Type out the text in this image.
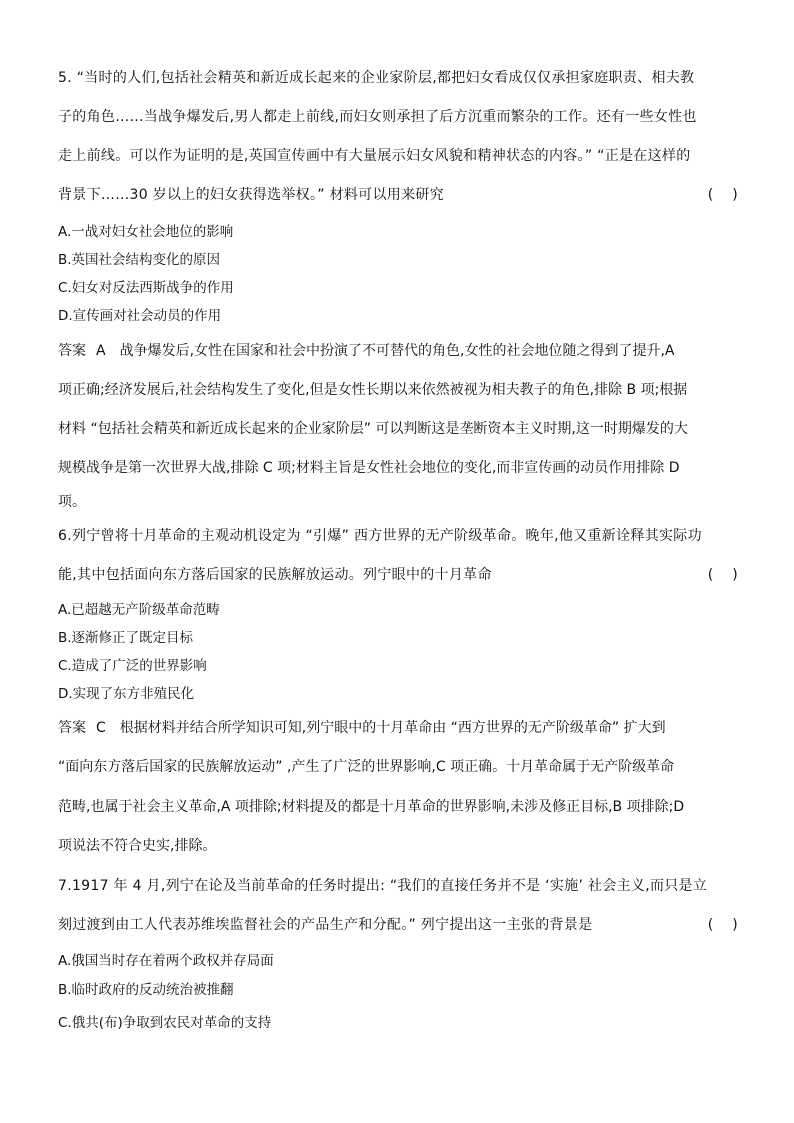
5. “当时的人们,包括社会精英和新近成长起来的企业家阶层,都把妇女看成仅仅承担家庭职责、相夫教
子的角色……当战争爆发后,男人都走上前线,而妇女则承担了后方沉重而繁杂的工作。还有一些女性也
走上前线。可以作为证明的是,英国宣传画中有大量展示妇女风貌和精神状态的内容。” “正是在这样的
背景下……30 岁以上的妇女获得选举权。” 材料可以用来研究	( )
A.一战对妇女社会地位的影响
B.英国社会结构变化的原因
C.妇女对反法西斯战争的作用
D.宣传画对社会动员的作用
答案 A 战争爆发后,女性在国家和社会中扮演了不可替代的角色,女性的社会地位随之得到了提升,A
项正确;经济发展后,社会结构发生了变化,但是女性长期以来依然被视为相夫教子的角色,排除 B 项;根据
材料 “包括社会精英和新近成长起来的企业家阶层” 可以判断这是垄断资本主义时期,这一时期爆发的大
规模战争是第一次世界大战,排除 C 项;材料主旨是女性社会地位的变化,而非宣传画的动员作用排除 D
项。
6.列宁曾将十月革命的主观动机设定为 “引爆” 西方世界的无产阶级革命。晚年,他又重新诠释其实际功
能,其中包括面向东方落后国家的民族解放运动。列宁眼中的十月革命	( )
A.已超越无产阶级革命范畴
B.逐渐修正了既定目标
C.造成了广泛的世界影响
D.实现了东方非殖民化
答案 C 根据材料并结合所学知识可知,列宁眼中的十月革命由 “西方世界的无产阶级革命” 扩大到
“面向东方落后国家的民族解放运动” ,产生了广泛的世界影响,C 项正确。十月革命属于无产阶级革命
范畴,也属于社会主义革命,A 项排除;材料提及的都是十月革命的世界影响,未涉及修正目标,B 项排除;D
项说法不符合史实,排除。
7.1917 年 4 月,列宁在论及当前革命的任务时提出: “我们的直接任务并不是 ‘实施’ 社会主义,而只是立
刻过渡到由工人代表苏维埃监督社会的产品生产和分配。” 列宁提出这一主张的背景是	( )
A.俄国当时存在着两个政权并存局面
B.临时政府的反动统治被推翻
C.俄共(布)争取到农民对革命的支持
